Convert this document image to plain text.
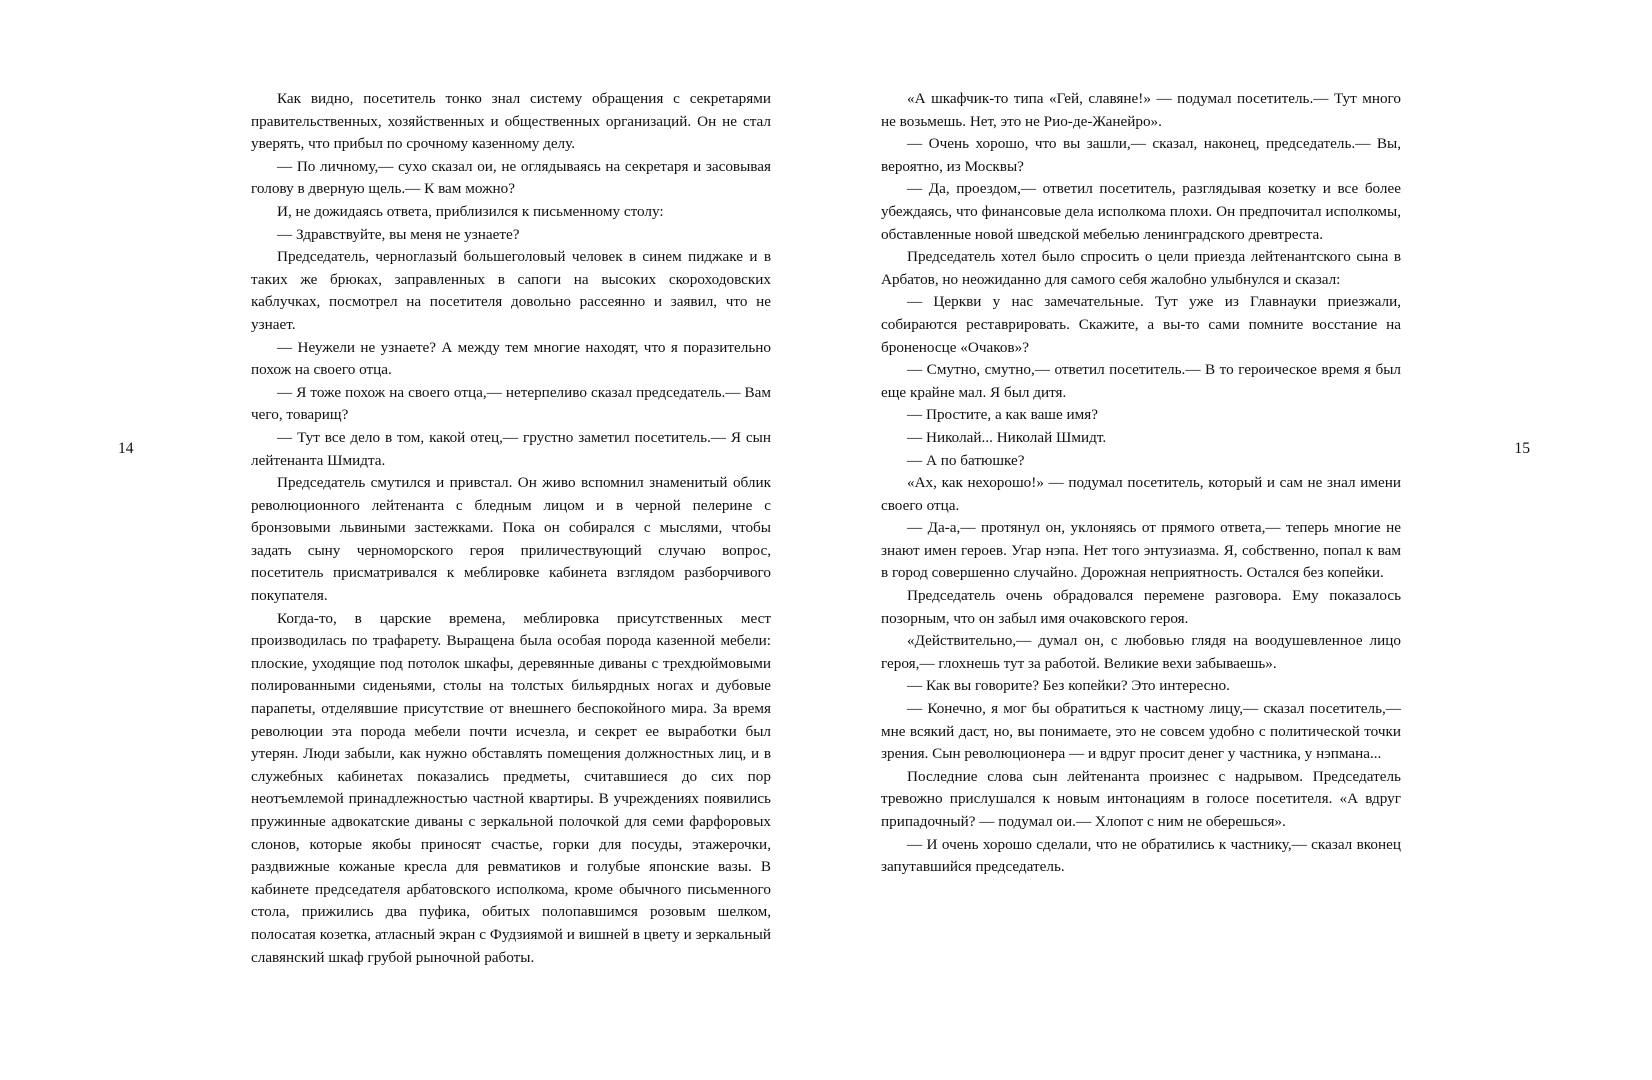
14	15

Как видно, посетитель тонко знал систему обращения с секретарями правительственных, хозяйственных и общественных организаций. Он не стал уверять, что прибыл по срочному казенному делу.

— По личному,— сухо сказал ои, не оглядываясь на секретаря и засовывая голову в дверную щель.— К вам можно?

И, не дожидаясь ответа, приблизился к письменному столу:

— Здравствуйте, вы меня не узнаете?

Председатель, черноглазый большеголовый человек в синем пиджаке и в таких же брюках, заправленных в сапоги на высоких скороходовских каблучках, посмотрел на посетителя довольно рассеянно и заявил, что не узнает.

— Неужели не узнаете? А между тем многие находят, что я поразительно похож на своего отца.

— Я тоже похож на своего отца,— нетерпеливо сказал председатель.— Вам чего, товарищ?

— Тут все дело в том, какой отец,— грустно заметил посетитель.— Я сын лейтенанта Шмидта.

Председатель смутился и привстал. Он живо вспомнил знаменитый облик революционного лейтенанта с бледным лицом и в черной пелерине с бронзовыми львиными застежками. Пока он собирался с мыслями, чтобы задать сыну черноморского героя приличествующий случаю вопрос, посетитель присматривался к меблировке кабинета взглядом разборчивого покупателя.

Когда-то, в царские времена, меблировка присутственных мест производилась по трафарету. Выращена была особая порода казенной мебели: плоские, уходящие под потолок шкафы, деревянные диваны с трехдюймовыми полированными сиденьями, столы на толстых бильярдных ногах и дубовые парапеты, отделявшие присутствие от внешнего беспокойного мира. За время революции эта порода мебели почти исчезла, и секрет ее выработки был утерян. Люди забыли, как нужно обставлять помещения должностных лиц, и в служебных кабинетах показались предметы, считавшиеся до сих пор неотъемлемой принадлежностью частной квартиры. В учреждениях появились пружинные адвокатские диваны с зеркальной полочкой для семи фарфоровых слонов, которые якобы приносят счастье, горки для посуды, этажерочки, раздвижные кожаные кресла для ревматиков и голубые японские вазы. В кабинете председателя арбатовского исполкома, кроме обычного письменного стола, прижились два пуфика, обитых полопавшимся розовым шелком, полосатая козетка, атласный экран с Фудзиямой и вишней в цвету и зеркальный славянский шкаф грубой рыночной работы.

«А шкафчик-то типа «Гей, славяне!» — подумал посетитель.— Тут много не возьмешь. Нет, это не Рио-де-Жанейро».

— Очень хорошо, что вы зашли,— сказал, наконец, председатель.— Вы, вероятно, из Москвы?

— Да, проездом,— ответил посетитель, разглядывая козетку и все более убеждаясь, что финансовые дела исполкома плохи. Он предпочитал исполкомы, обставленные новой шведской мебелью ленинградского древтреста.

Председатель хотел было спросить о цели приезда лейтенантского сына в Арбатов, но неожиданно для самого себя жалобно улыбнулся и сказал:

— Церкви у нас замечательные. Тут уже из Главнауки приезжали, собираются реставрировать. Скажите, а вы-то сами помните восстание на броненосце «Очаков»?

— Смутно, смутно,— ответил посетитель.— В то героическое время я был еще крайне мал. Я был дитя.

— Простите, а как ваше имя?

— Николай... Николай Шмидт.

— А по батюшке?

«Ах, как нехорошо!» — подумал посетитель, который и сам не знал имени своего отца.

— Да-а,— протянул он, уклоняясь от прямого ответа,— теперь многие не знают имен героев. Угар нэпа. Нет того энтузиазма. Я, собственно, попал к вам в город совершенно случайно. Дорожная неприятность. Остался без копейки.

Председатель очень обрадовался перемене разговора. Ему показалось позорным, что он забыл имя очаковского героя.

«Действительно,— думал он, с любовью глядя на воодушевленное лицо героя,— глохнешь тут за работой. Великие вехи забываешь».

— Как вы говорите? Без копейки? Это интересно.

— Конечно, я мог бы обратиться к частному лицу,— сказал посетитель,— мне всякий даст, но, вы понимаете, это не совсем удобно с политической точки зрения. Сын революционера — и вдруг просит денег у частника, у нэпмана...

Последние слова сын лейтенанта произнес с надрывом. Председатель тревожно прислушался к новым интонациям в голосе посетителя. «А вдруг припадочный? — подумал ои.— Хлопот с ним не оберешься».

— И очень хорошо сделали, что не обратились к частнику,— сказал вконец запутавшийся председатель.
